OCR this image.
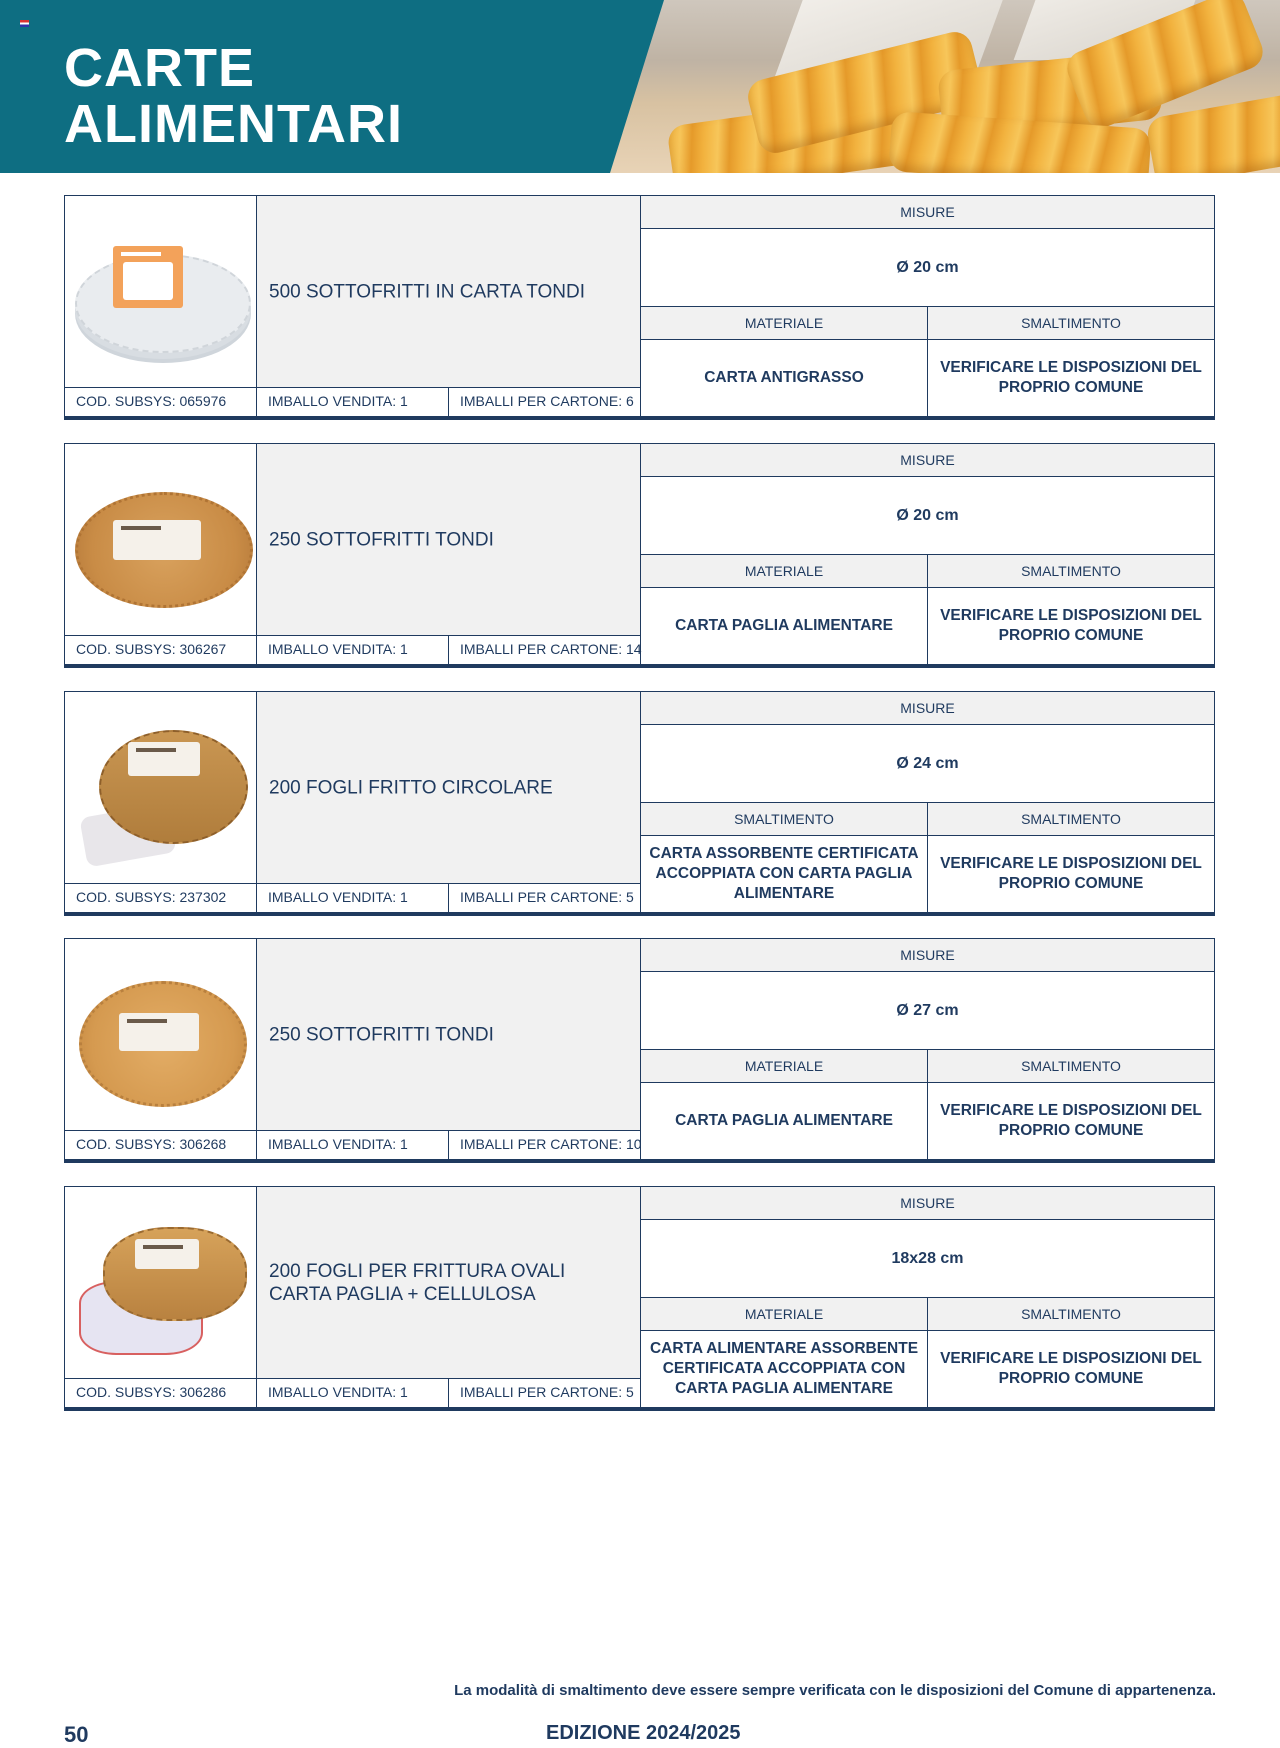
CARTE
ALIMENTARI
500 SOTTOFRITTI IN CARTA TONDI
COD. SUBSYS: 065976	IMBALLO VENDITA: 1	IMBALLI PER CARTONE: 6
MISURE
Ø 20 cm
MATERIALE	SMALTIMENTO
CARTA ANTIGRASSO
VERIFICARE LE DISPOSIZIONI DEL PROPRIO COMUNE
250 SOTTOFRITTI TONDI
COD. SUBSYS: 306267	IMBALLO VENDITA: 1	IMBALLI PER CARTONE: 14
MISURE
Ø 20 cm
MATERIALE	SMALTIMENTO
CARTA PAGLIA ALIMENTARE
VERIFICARE LE DISPOSIZIONI DEL PROPRIO COMUNE
200 FOGLI FRITTO CIRCOLARE
COD. SUBSYS: 237302	IMBALLO VENDITA: 1	IMBALLI PER CARTONE: 5
MISURE
Ø 24 cm
SMALTIMENTO	SMALTIMENTO
CARTA ASSORBENTE CERTIFICATA ACCOPPIATA CON CARTA PAGLIA ALIMENTARE
VERIFICARE LE DISPOSIZIONI DEL PROPRIO COMUNE
250 SOTTOFRITTI TONDI
COD. SUBSYS: 306268	IMBALLO VENDITA: 1	IMBALLI PER CARTONE: 10
MISURE
Ø 27 cm
MATERIALE	SMALTIMENTO
CARTA PAGLIA ALIMENTARE
VERIFICARE LE DISPOSIZIONI DEL PROPRIO COMUNE
200 FOGLI PER FRITTURA OVALI CARTA PAGLIA + CELLULOSA
COD. SUBSYS: 306286	IMBALLO VENDITA: 1	IMBALLI PER CARTONE: 5
MISURE
18x28 cm
MATERIALE	SMALTIMENTO
CARTA ALIMENTARE ASSORBENTE CERTIFICATA ACCOPPIATA CON CARTA PAGLIA ALIMENTARE
VERIFICARE LE DISPOSIZIONI DEL PROPRIO COMUNE
La modalità di smaltimento deve essere sempre verificata con le disposizioni del Comune di appartenenza.
50	EDIZIONE 2024/2025
